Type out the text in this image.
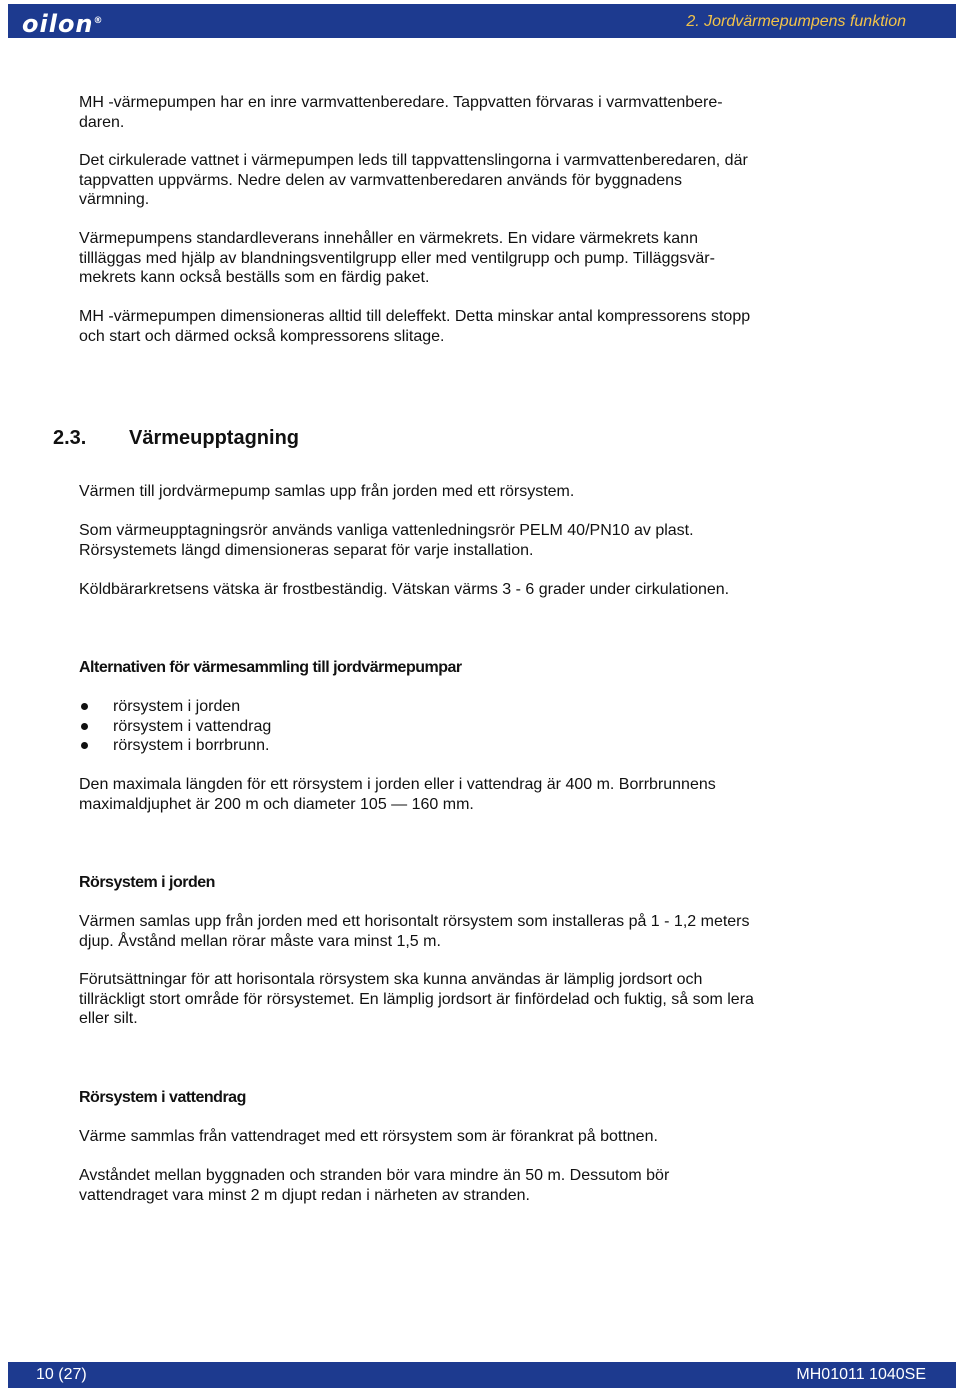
oilon®	2. Jordvärmepumpens funktion
MH -värmepumpen har en inre varmvattenberedare. Tappvatten förvaras i varmvattenbere-
daren.
Det cirkulerade vattnet i värmepumpen leds till tappvattenslingorna i varmvattenberedaren, där
tappvatten uppvärms. Nedre delen av varmvattenberedaren används för byggnadens
värmning.
Värmepumpens standardleverans innehåller en värmekrets. En vidare värmekrets kann
tillläggas med hjälp av blandningsventilgrupp eller med ventilgrupp och pump. Tilläggsvär-
mekrets kann också beställs som en färdig paket.
MH -värmepumpen dimensioneras alltid till deleffekt. Detta minskar antal kompressorens stopp
och start och därmed också kompressorens slitage.
2.3. Värmeupptagning
Värmen till jordvärmepump samlas upp från jorden med ett rörsystem.
Som värmeupptagningsrör används vanliga vattenledningsrör PELM 40/PN10 av plast.
Rörsystemets längd dimensioneras separat för varje installation.
Köldbärarkretsens vätska är frostbeständig. Vätskan värms 3 - 6 grader under cirkulationen.
Alternativen för värmesammling till jordvärmepumpar
rörsystem i jorden
rörsystem i vattendrag
rörsystem i borrbrunn.
Den maximala längden för ett rörsystem i jorden eller i vattendrag är 400 m. Borrbrunnens
maximaldjuphet är 200 m och diameter 105 — 160 mm.
Rörsystem i jorden
Värmen samlas upp från jorden med ett horisontalt rörsystem som installeras på 1 - 1,2 meters
djup. Åvstånd mellan rörar måste vara minst 1,5 m.
Förutsättningar för att horisontala rörsystem ska kunna användas är lämplig jordsort och
tillräckligt stort område för rörsystemet. En lämplig jordsort är finfördelad och fuktig, så som lera
eller silt.
Rörsystem i vattendrag
Värme sammlas från vattendraget med ett rörsystem som är förankrat på bottnen.
Avståndet mellan byggnaden och stranden bör vara mindre än 50 m. Dessutom bör
vattendraget vara minst 2 m djupt redan i närheten av stranden.
10 (27)	MH01011 1040SE
